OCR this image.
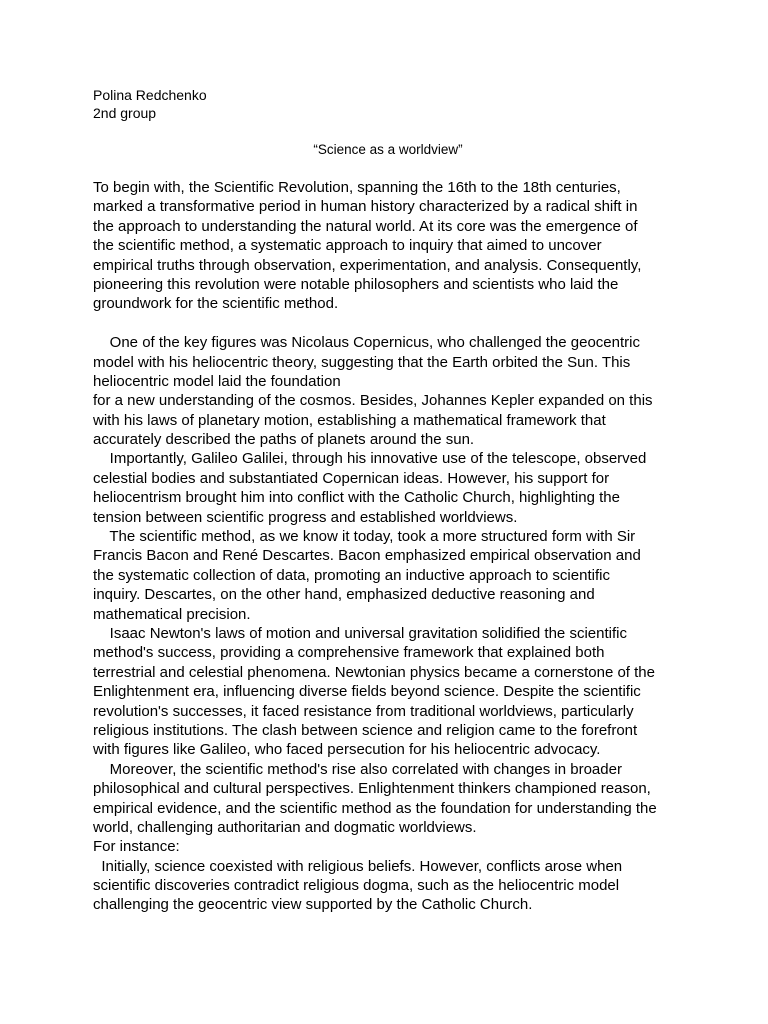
Polina Redchenko
2nd group
“Science as a worldview”
To begin with, the Scientific Revolution, spanning the 16th to the 18th centuries,
marked a transformative period in human history characterized by a radical shift in
the approach to understanding the natural world. At its core was the emergence of
the scientific method, a systematic approach to inquiry that aimed to uncover
empirical truths through observation, experimentation, and analysis. Consequently,
pioneering this revolution were notable philosophers and scientists who laid the
groundwork for the scientific method.
One of the key figures was Nicolaus Copernicus, who challenged the geocentric
model with his heliocentric theory, suggesting that the Earth orbited the Sun. This
heliocentric model laid the foundation
for a new understanding of the cosmos. Besides, Johannes Kepler expanded on this
with his laws of planetary motion, establishing a mathematical framework that
accurately described the paths of planets around the sun.
Importantly, Galileo Galilei, through his innovative use of the telescope, observed
celestial bodies and substantiated Copernican ideas. However, his support for
heliocentrism brought him into conflict with the Catholic Church, highlighting the
tension between scientific progress and established worldviews.
The scientific method, as we know it today, took a more structured form with Sir
Francis Bacon and René Descartes. Bacon emphasized empirical observation and
the systematic collection of data, promoting an inductive approach to scientific
inquiry. Descartes, on the other hand, emphasized deductive reasoning and
mathematical precision.
Isaac Newton's laws of motion and universal gravitation solidified the scientific
method's success, providing a comprehensive framework that explained both
terrestrial and celestial phenomena. Newtonian physics became a cornerstone of the
Enlightenment era, influencing diverse fields beyond science. Despite the scientific
revolution's successes, it faced resistance from traditional worldviews, particularly
religious institutions. The clash between science and religion came to the forefront
with figures like Galileo, who faced persecution for his heliocentric advocacy.
Moreover, the scientific method's rise also correlated with changes in broader
philosophical and cultural perspectives. Enlightenment thinkers championed reason,
empirical evidence, and the scientific method as the foundation for understanding the
world, challenging authoritarian and dogmatic worldviews.
For instance:
Initially, science coexisted with religious beliefs. However, conflicts arose when
scientific discoveries contradict religious dogma, such as the heliocentric model
challenging the geocentric view supported by the Catholic Church.
